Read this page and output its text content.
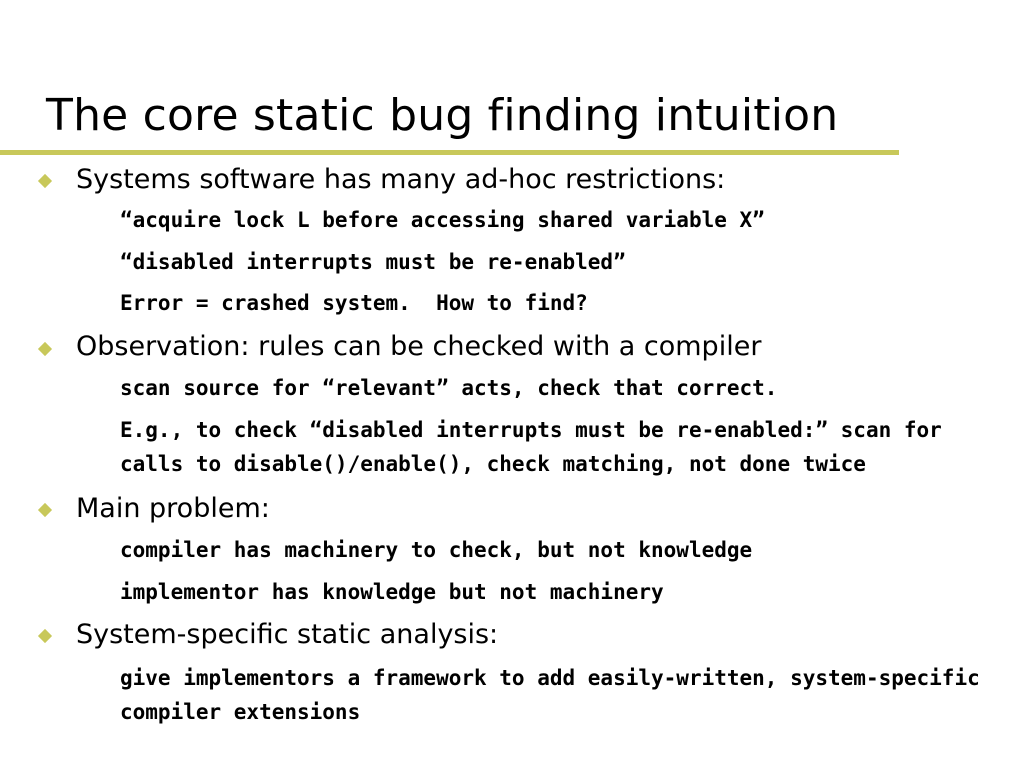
The core static bug finding intuition
Systems software has many ad-hoc restrictions:
“acquire lock L before accessing shared variable X”
“disabled interrupts must be re-enabled”
Error = crashed system.  How to find?
Observation: rules can be checked with a compiler
scan source for “relevant” acts, check that correct.
E.g., to check “disabled interrupts must be re-enabled:” scan for calls to disable()/enable(), check matching, not done twice
Main problem:
compiler has machinery to check, but not knowledge
implementor has knowledge but not machinery
System-specific static analysis:
give implementors a framework to add easily-written, system-specific compiler extensions
